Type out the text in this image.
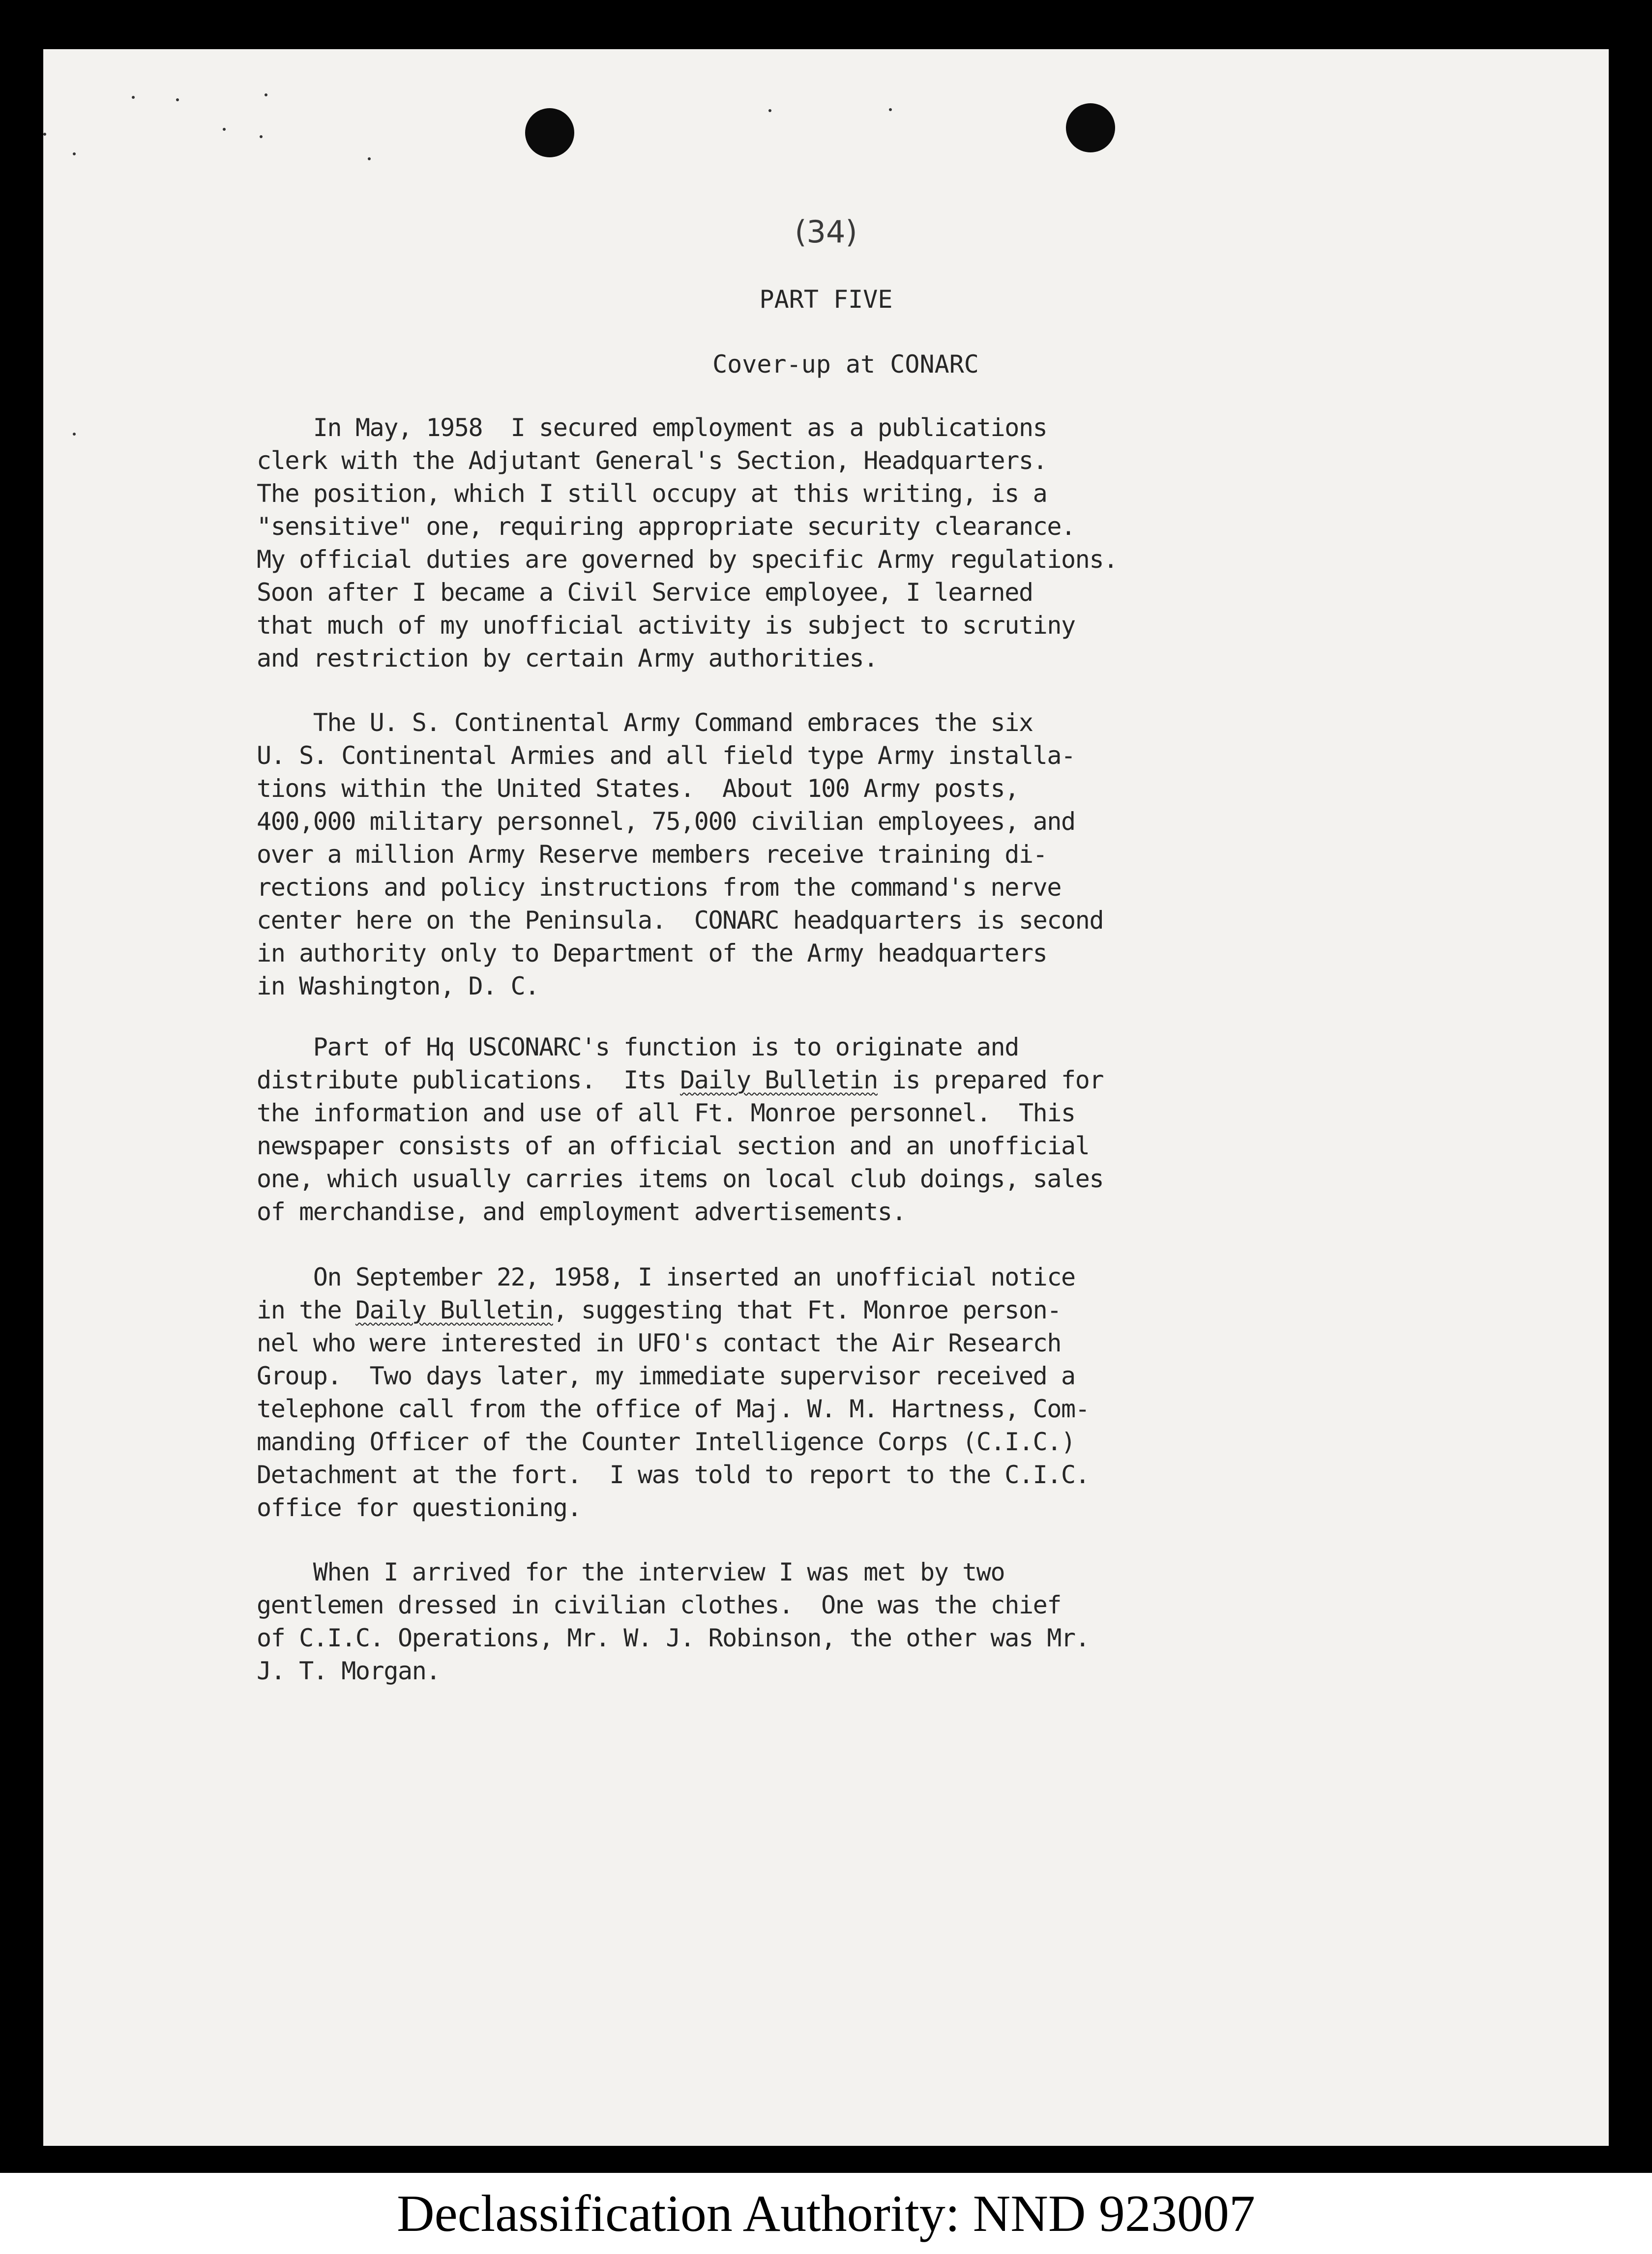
(34)
PART FIVE
Cover-up at CONARC
In May, 1958  I secured employment as a publications
clerk with the Adjutant General's Section, Headquarters.
The position, which I still occupy at this writing, is a
"sensitive" one, requiring appropriate security clearance.
My official duties are governed by specific Army regulations.
Soon after I became a Civil Service employee, I learned
that much of my unofficial activity is subject to scrutiny
and restriction by certain Army authorities.
The U. S. Continental Army Command embraces the six
U. S. Continental Armies and all field type Army installa-
tions within the United States.  About 100 Army posts,
400,000 military personnel, 75,000 civilian employees, and
over a million Army Reserve members receive training di-
rections and policy instructions from the command's nerve
center here on the Peninsula.  CONARC headquarters is second
in authority only to Department of the Army headquarters
in Washington, D. C.
Part of Hq USCONARC's function is to originate and
distribute publications.  Its Daily Bulletin is prepared for
the information and use of all Ft. Monroe personnel.  This
newspaper consists of an official section and an unofficial
one, which usually carries items on local club doings, sales
of merchandise, and employment advertisements.
On September 22, 1958, I inserted an unofficial notice
in the Daily Bulletin, suggesting that Ft. Monroe person-
nel who were interested in UFO's contact the Air Research
Group.  Two days later, my immediate supervisor received a
telephone call from the office of Maj. W. M. Hartness, Com-
manding Officer of the Counter Intelligence Corps (C.I.C.)
Detachment at the fort.  I was told to report to the C.I.C.
office for questioning.
When I arrived for the interview I was met by two
gentlemen dressed in civilian clothes.  One was the chief
of C.I.C. Operations, Mr. W. J. Robinson, the other was Mr.
J. T. Morgan.
Declassification Authority: NND 923007
